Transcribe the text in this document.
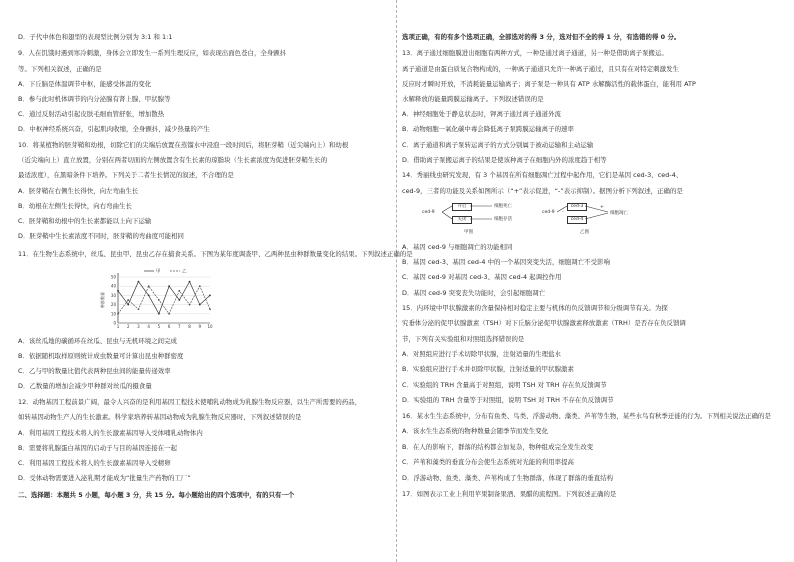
D．子代中体色和翅型的表现型比例分别为 3:1 和 1:1
9．人在饥饿时遇到寒冷刺激，身体会立即发生一系列生理反应，如表现出面色苍白，全身颤抖
等。下列相关叙述，正确的是
A．下丘脑是体温调节中枢，能感受体温的变化
B．参与此时机体调节的内分泌腺有肾上腺、甲状腺等
C．通过反射活动引起皮肤毛细血管舒张，增加散热
D．中枢神经系统兴奋，引起肌肉收缩，全身颤抖，减少热量的产生
10．将某植物的胚芽鞘和幼根，切除它们的尖端后放置在蒸馏水中浸泡一段时间后，将胚芽鞘（近尖端向上）和幼根
（近尖端向上）直立放置，分别在两者切面的左侧放置含有生长素的琼脂块（生长素浓度为促进胚芽鞘生长的
最适浓度），在黑暗条件下培养。下列关于二者生长情况的叙述，不合理的是
A．胚芽鞘在右侧生长得快，向左弯曲生长
B．幼根在左侧生长得快，向右弯曲生长
C．胚芽鞘和幼根中的生长素都能以上向下运输
D．胚芽鞘中生长素浓度不同时，胚芽鞘的弯曲度可能相同
11．在生物生态系统中，丝瓜、昆虫甲、昆虫乙存在捕食关系。下图为某年度调查甲、乙两种昆虫种群数量变化的结果。下列叙述正确的是
0
10
20
30
40
50
1 2 3 4 5 6 7 8 9 10
种群数量
甲	乙
A．该丝瓜地的碳循环在丝瓜、昆虫与无机环境之间完成
B．依据随机取样原则统计成虫数量可计算出昆虫种群密度
C．乙与甲的数量比值代表两种昆虫间的能量传递效率
D．乙数量的增加会减少甲种群对丝瓜的摄食量
12．动物基因工程前景广阔，最令人兴奋的是利用基因工程技术使哺乳动物成为乳腺生物反应器，以生产所需要的药品，
如转基因动物生产人的生长激素。科学家培养转基因动物成为乳腺生物反应器时，下列叙述错误的是
A．利用基因工程技术将人的生长激素基因导入受体哺乳动物体内
B．需要将乳腺蛋白基因的启动子与目的基因连接在一起
C．利用基因工程技术将人的生长激素基因导入受精卵
D．受体动物需要进入泌乳期才能成为“批量生产药物的工厂”
二、选择题：本题共 5 小题，每小题 3 分，共 15 分。每小题给出的四个选项中，有的只有一个
选项正确，有的有多个选项正确，全部选对的得 3 分，选对但不全的得 1 分，有选错的得 0 分。
13．离子通过细胞膜进出细胞有两种方式，一种是通过离子通道，另一种是借助离子泵搬运。
离子通道是由蛋白质复合物构成的，一种离子通道只允许一种离子通过，且只有在对特定刺激发生
反应时才瞬时开放，不消耗能量运输离子；离子泵是一种具有 ATP 水解酶活性的载体蛋白，能利用 ATP
水解释放的能量跨膜运输离子。下列叙述错误的是
A．神经细胞处于静息状态时，钾离子通过离子通道外流
B．动物细胞一氧化碳中毒会降低离子泵跨膜运输离子的速率
C．离子通道和离子泵转运离子的方式分别属于被动运输和主动运输
D．借助离子泵搬运离子的结果是使该种离子在细胞内外的浓度趋于相等
14．秀丽线虫研究发现，有 3 个基因在所有细胞凋亡过程中起作用，它们是基因 ced-3、ced-4、
ced-9，三者的功能及关系如图所示（“+”表示促进，“-”表示抑制）。据图分析下列叙述，正确的是
ced-9
开启
关闭
细胞死亡
细胞存活
ced-9
ced-3
ced-4
细胞凋亡
-
+
甲图	乙图
A．基因 ced-9 与细胞凋亡的功能相同
B．基因 ced-3、基因 ced-4 中的一个基因突变失活，细胞凋亡不受影响
C．基因 ced-9 对基因 ced-3、基因 ced-4 起调控作用
D．基因 ced-9 突变丧失功能时，会引起细胞凋亡
15．内环境中甲状腺激素的含量保持相对稳定主要与机体的负反馈调节和分级调节有关。为探
究垂体分泌的促甲状腺激素（TSH）对下丘脑分泌促甲状腺激素释放激素（TRH）是否存在负反馈调
节，下列有关实验组和对照组选择错误的是
A．对照组应进行手术切除甲状腺，注射适量的生理盐水
B．实验组应进行手术并切除甲状腺，注射适量的甲状腺激素
C．实验组的 TRH 含量高于对照组，说明 TSH 对 TRH 存在负反馈调节
D．实验组的 TRH 含量等于对照组，说明 TSH 对 TRH 不存在负反馈调节
16．某水生生态系统中，分布有鱼类、鸟类、浮游动物、藻类、芦苇等生物，某些水鸟有秋季迁徙的行为。下列相关说法正确的是
A．该水生生态系统的物种数量会随季节而发生变化
B．在人的影响下，群落的结构都会加复杂，物种组成完全发生改变
C．芦苇和藻类的垂直分布会使生态系统对光能的利用率提高
D．浮游动物、鱼类、藻类、芦苇构成了生物群落，体现了群落的垂直结构
17．如图表示工业上利用苹果制备果酒、果醋的流程图。下列叙述正确的是
